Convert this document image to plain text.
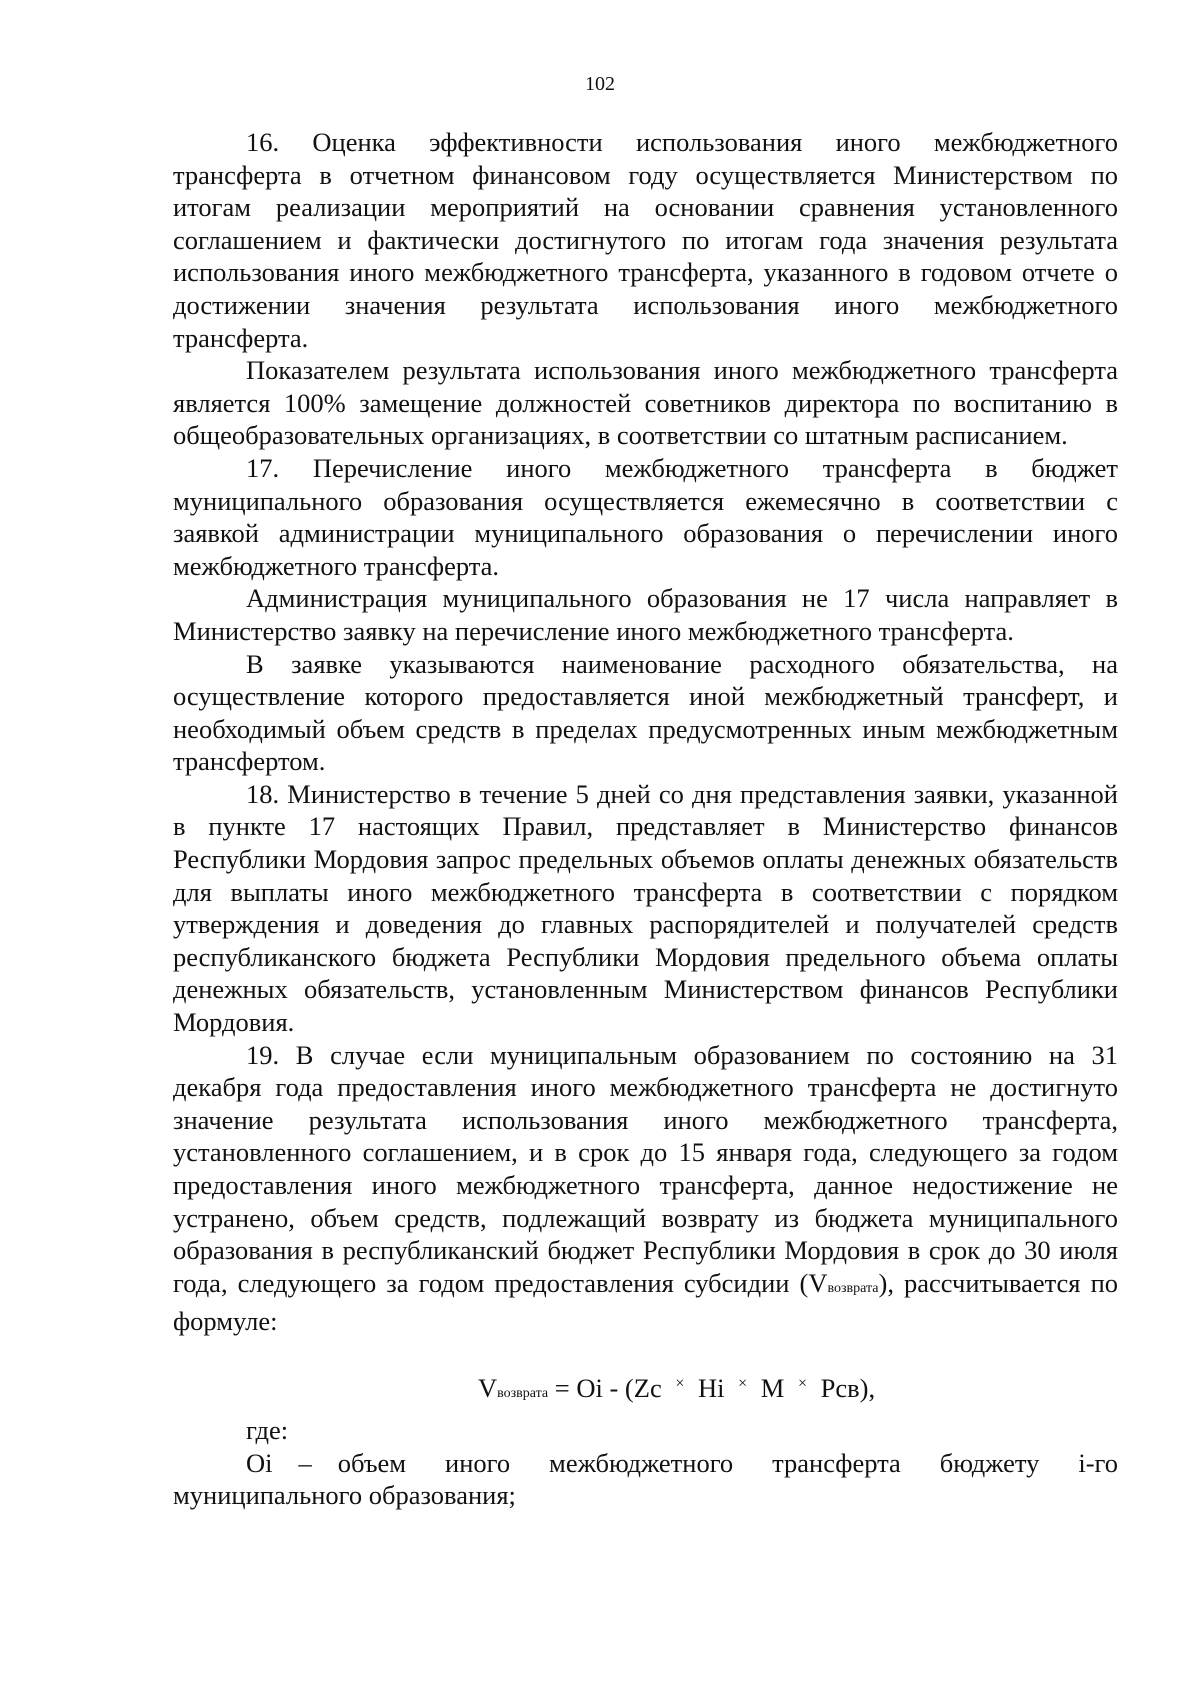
102

16. Оценка эффективности использования иного межбюджетного трансферта в отчетном финансовом году осуществляется Министерством по итогам реализации мероприятий на основании сравнения установленного соглашением и фактически достигнутого по итогам года значения результата использования иного межбюджетного трансферта, указанного в годовом отчете о достижении значения результата использования иного межбюджетного трансферта.

Показателем результата использования иного межбюджетного трансферта является 100% замещение должностей советников директора по воспитанию в общеобразовательных организациях, в соответствии со штатным расписанием.

17. Перечисление иного межбюджетного трансферта в бюджет муниципального образования осуществляется ежемесячно в соответствии с заявкой администрации муниципального образования о перечислении иного межбюджетного трансферта.

Администрация муниципального образования не 17 числа направляет в Министерство заявку на перечисление иного межбюджетного трансферта.

В заявке указываются наименование расходного обязательства, на осуществление которого предоставляется иной межбюджетный трансферт, и необходимый объем средств в пределах предусмотренных иным межбюджетным трансфертом.

18. Министерство в течение 5 дней со дня представления заявки, указанной в пункте 17 настоящих Правил, представляет в Министерство финансов Республики Мордовия запрос предельных объемов оплаты денежных обязательств для выплаты иного межбюджетного трансферта в соответствии с порядком утверждения и доведения до главных распорядителей и получателей средств республиканского бюджета Республики Мордовия предельного объема оплаты денежных обязательств, установленным Министерством финансов Республики Мордовия.

19. В случае если муниципальным образованием по состоянию на 31 декабря года предоставления иного межбюджетного трансферта не достигнуто значение результата использования иного межбюджетного трансферта, установленного соглашением, и в срок до 15 января года, следующего за годом предоставления иного межбюджетного трансферта, данное недостижение не устранено, объем средств, подлежащий возврату из бюджета муниципального образования в республиканский бюджет Республики Мордовия в срок до 30 июля года, следующего за годом предоставления субсидии (Vвозврата), рассчитывается по формуле:

Vвозврата = Oi - (Zc × Hi × M × Рсв),

где:

Oi – объем иного межбюджетного трансферта бюджету i-го муниципального образования;
